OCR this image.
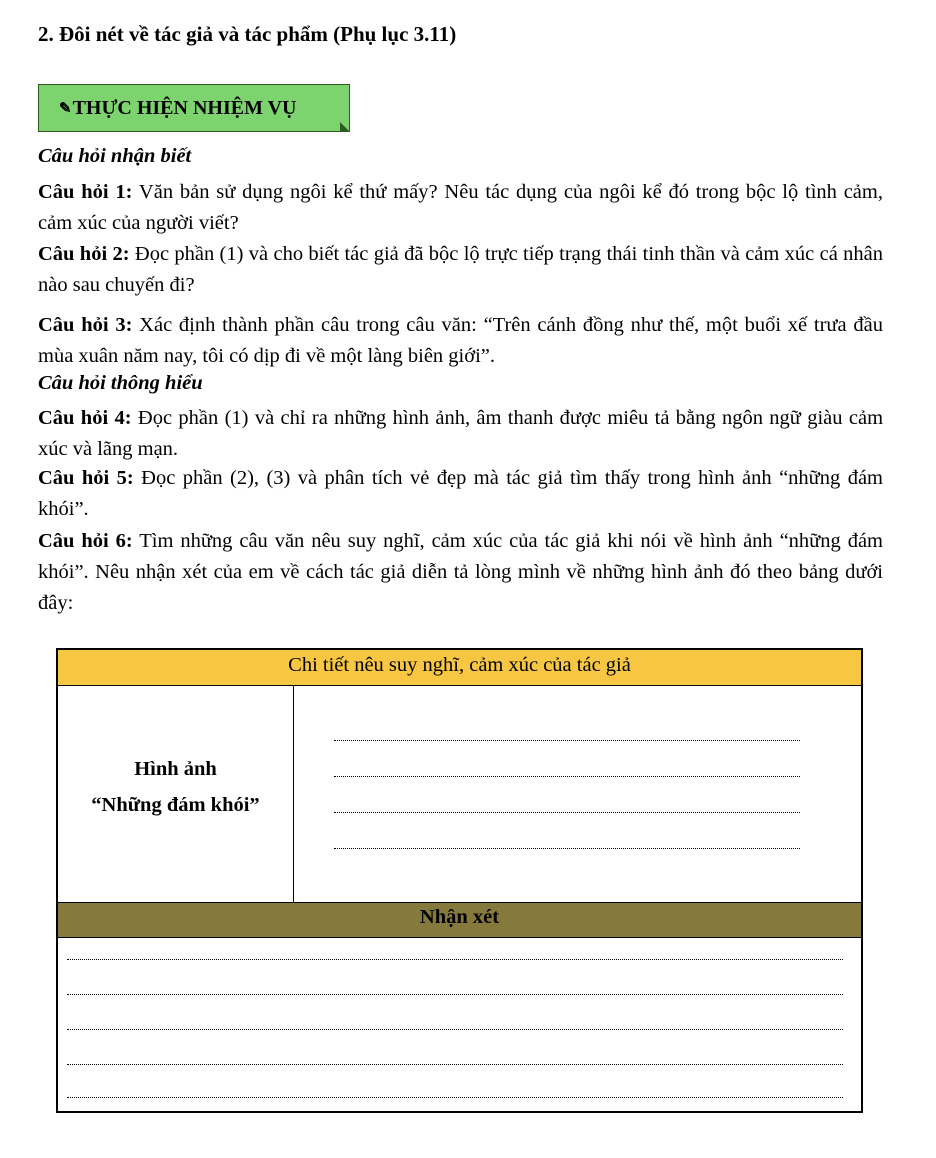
2. Đôi nét về tác giả và tác phẩm (Phụ lục 3.11)
✎ THỰC HIỆN NHIỆM VỤ
Câu hỏi nhận biết
Câu hỏi 1: Văn bản sử dụng ngôi kể thứ mấy? Nêu tác dụng của ngôi kể đó trong bộc lộ tình cảm, cảm xúc của người viết?
Câu hỏi 2: Đọc phần (1) và cho biết tác giả đã bộc lộ trực tiếp trạng thái tinh thần và cảm xúc cá nhân nào sau chuyến đi?
Câu hỏi 3: Xác định thành phần câu trong câu văn: “Trên cánh đồng như thế, một buổi xế trưa đầu mùa xuân năm nay, tôi có dịp đi về một làng biên giới”.
Câu hỏi thông hiểu
Câu hỏi 4: Đọc phần (1) và chỉ ra những hình ảnh, âm thanh được miêu tả bằng ngôn ngữ giàu cảm xúc và lãng mạn.
Câu hỏi 5: Đọc phần (2), (3) và phân tích vẻ đẹp mà tác giả tìm thấy trong hình ảnh “những đám khói”.
Câu hỏi 6: Tìm những câu văn nêu suy nghĩ, cảm xúc của tác giả khi nói về hình ảnh “những đám khói”. Nêu nhận xét của em về cách tác giả diễn tả lòng mình về những hình ảnh đó theo bảng dưới đây:
Chi tiết nêu suy nghĩ, cảm xúc của tác giả
Hình ảnh
“Những đám khói”
Nhận xét
